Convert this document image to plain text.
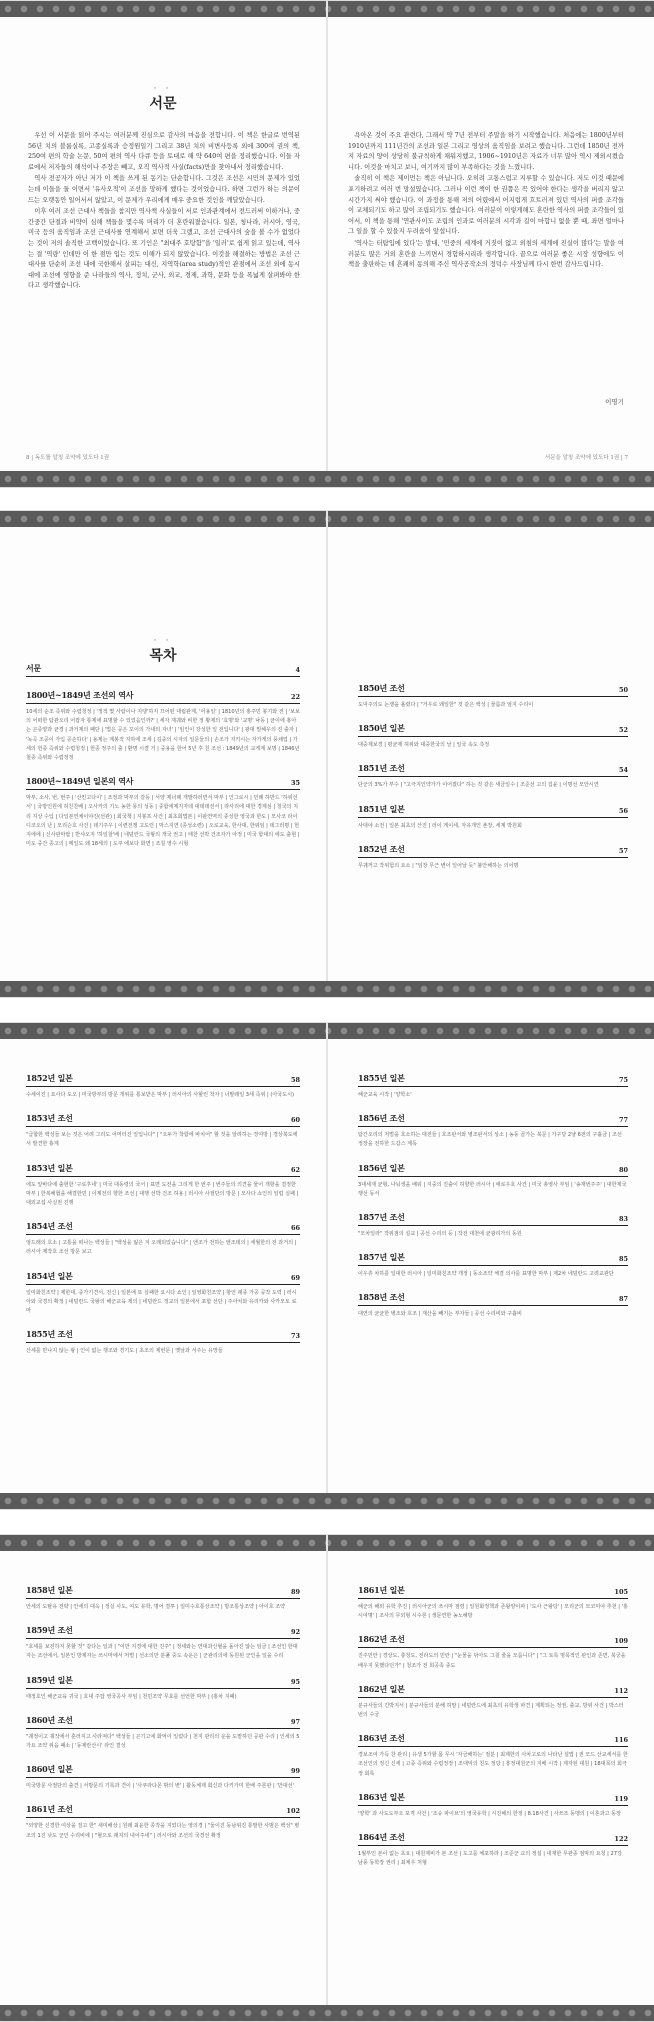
· ·
서문

우선 이 서문을 읽어 주시는 여러분께 진심으로 감사의 마음을 전합니다. 이 책은 한글로 번역된 56년 치의 블룸실록, 고종실록과 승정원일기 그리고 38년 치의 비변사등록 외에 300여 권의 책, 250여 편의 학술 논문, 50여 편의 역사 다큐 등을 토대로 해 약 640여 편을 정리했습니다. 이들 자료에서 저자들의 해석이나 주장은 빼고, 오직 역사적 사실(facts)만을 찾아내서 정리했습니다.

역사 전공자가 아닌 저가 이 책을 쓰게 된 동기는 단순합니다. 그것은 조선은 시민의 문제가 있었는데 이들을 둘 이면서 '유사오적'이 조선을 망하게 했다는 것이었습니다. 하면 그런가 하는 의문이 드는 오랫동안 일어서서 않았고, 이 문제가 우리에게 매우 중요한 것인을 깨달았습니다.

이후 여러 조선 근대사 책들을 참지만 역사책 사실들이 서로 인과관계에서 전드러써 이하거나, 중간중간 단절과 비약이 심해 책들을 몇수록 머리가 더 혼란워졌습니다. 일본, 청나라, 러시아, 영국, 미국 등의 움직임과 조선 근대사를 연계해서 보면 더욱 그랬고, 조선 근대사의 숲을 볼 수가 없었다는 것이 저의 솔직한 고백이었습니다. 또 기인은 "최대주 호탕함"을 '일러'로 쉽게 읽고 있는데, 역사는 결 '역량' 인데만 이 한 점만 입는 것도 이해가 되지 않았습니다. 이것을 해결하는 방법은 조선 근대사를 단순히 조선 내에 국한해서 살피는 대신, 지역학(area study)적인 관점에서 조선 외에 동시대에 조선에 영향을 준 나라들의 역사, 정치, 군사, 외교, 경제, 과학, 문화 등을 폭넓게 살펴봐야 한다고 생각했습니다.

8 | 독도를 알칭 조약에 있도다 1권

욕아온 것이 주요 관련다, 그래서 약 7년 전부터 주말을 하기 시작했습니다. 처음에는 1800년부터 1910년까지 111년간의 조선과 일본 그리고 영상의 움직임을 보려고 했습니다. 그런데 1850년 전까지 자료의 양이 상당히 불규칙하게 채워지했고, 1906~1910년은 자료가 너무 많아 역시 제외시켰습니다. 이것을 마치고 보니, 여기까지 많이 부족하다는 것을 느꼈니다.

솔직히 이 책은 제이먼는 책은 아닙니다. 오히려 고통스럽고 지루할 수 있습니다. 저도 이것 때문에 포기하려고 여러 번 망설였습니다. 그러나 이런 책이 한 권쯤은 꼭 있어야 한다는 생각을 버리지 않고 시간가지 써야 했습니다. 이 과정을 통해 저의 어렸에서 어지럽게 흐트러져 있던 역사의 퍼즐 조각들이 교체되기도 하고 많이 조립되기도 했습니다. 여러분이 이렇게해도 혼란한 역사의 퍼즐 조각들이 있어서, 이 책을 통해 '연관사이도 조립의 인과로 여러분의 시각과 길이 마합니 없을 뿐 때, 좌면 얼마나 그 일을 할 수 있을지 두려움이 앞섭니다.

'역사는 터탐입에 있다'는 말대, '민중의 세계에 거짓이 없고 외침의 세계에 진실이 많다'는 말을 여러분도 많은 거외 혼란을 느끼면서 경험하시리라 생각합니다. 끝으로 여러분 좋은 시장 성향에도 이 책을 출판하는 데 흔쾌히 동의해 주신 역사공작소의 정덕수 사장님께 다시 한번 감사드립니다.

이명기
서문을 알칭 조약에 있도다 1권 | 7
· ·
목차
서문	4
1800년~1849년 조선의 역사	22
10세의 순조 즉위와 수렴청정 | '정적 몇 사람이나 지탱'하지 끄어떤 대립관계, '어용일' | 1810년의 홍주민 봉기와 전 | '보보의 어떠한 탐관오리 어잡자 통제에 표명할 수 있었음인까?' | 세자 재궤와 비한 정 황제의 '효명'와 '교명' 낙동 | 균이에 홍아는 곤증양과 균경 | 과거제의 폐단 | '법은 공은 꼬이의 가내의 자녀' | '임인이 강성한 일 전입니다' | 광대 빌헤우의 진 출자 | '녹곡 조공이 가입 공손하다' | 용제는 계봉적 지하에 조세 | 김중의 시자의 일문들의 | 손조가 지키시는 자가게의 풍채업 | 가세의 헌종 즉위와 수렴청정 | 헌종 정주의 출 | 환명 시결 거 | 중용을 한어 5년 후 친 조선 : 1849년의 교게제 보명 | 1846년 철종 즉위와 수렴정정
1800년~1849년 일본의 역사	35
막부, 소사, 번, 번주 | '산킨고다이' | 조정과 막부의 갈등 | 서양 제너례 개발하러면서 막부 | 인그로시 | 민례 하반드 '하위선서' | 국방인원에 허친찬배 | 오사카의 기노 농한 몽의 성동 | 종합에제지자데 대데데션서 | 라사리에 대한 경계심 | 청국의 지리 지상 수입 | 다일본연체이야진(선관) | 회국책 | 지봉프 사건 | 최초회법본 | 이판연역의 종성한 영국과 한도 | 모사코 라이디코오의 난 | 모리슨호 사건 | 데기주우 | 이련전쟁 고도런 | 막스지연 (종성소련) | 오로교육, 한사대, 한위임 | 데그러평 | 헌지에에 | 신사관마랍 | 반샤오지 '하일찰'배 | 네덜란드 국왕의 개국 권고 | 태찬 선박 건조자가 아정 | 미국 함대의 에도 출현 | 미도 중간 종고의 | 메일도 왜 18세의 | 도쿠 에보다 화면 | 조칠 영수 시형
1850년 조선	50
도덕주의도 논쟁을 올렸다 | "거우로 왜일한" 것 같은 백성 | 물름과 엄지 수리이
1850년 일본	52
대중제보경 | 평균제 허위와 대중한국의 날 | 일국 속도 측정
1851년 조선	54
단군의 3%가 부수 | "고극지인약가가 이어졌다" 하는 것 같은 세금일수 | 조준선 고의 집윤 | 이명선 모안시연
1851년 일본	56
사대야 소전 | 일본 최초의 산진 | 러이 게이세, 자유개인 촌장, 세계 박원회
1852년 조선	57
무궤꺼고 작위험의 요소 | "임장 무근 변이 일어날 듯" 불안해하는 의어명
1852년 일본	58
수세이진 | 요사다 도오 | 미국방부의 방문 개위를 통보받은 막부 | 러시아의 사할린 착자 | 너발래일 3세 즉위 | (아국도시)
1853년 조선	60
"급합한 백성들 보는 것은 어려 그리도 어머터진 일입니다" | "오두가 착합에 바치어" 할 것을 알려하는 경여방 | 경상북도에서 발견한 흉계
1853년 일본	62
에도 앞바다에 출현한 '구로후네' | 미국 대동령의 국서 | 표면 도전을 그리게 한 번주 | 번주들의 의견을 물어 개항을 결정한 막부 | 한복해협을 해결한민 | 이제전의 향한 조선 | 대행 선박 건조 허용 | 러시아 사절단의 방문 | 모사다 쇼인의 일럽 실패 | 대외교섭 사실권 진행
1854년 조선	66
엉드래의 호소 | 고통을 떠나는 백성들 | "백성을 잃은 지 오래되었습니다" | 엔조가 전하는 엔조데의 | 세월한의 전 과거의 | 러시아 제작호 조선 방문 보고
1854년 일본	69
일미화친조약 | 제한대, 증가기견서, 전신 | 일본에 또 실패한 요시다 쇼인 | 일영화친조약 | 항언 괘종 가공 공작 도력 | 러시아와 국경의 확정 | 네덜란드 국왕의 해군교육 제의 | 네덜란드 정교의 일본에서 포함 선단 | 주아치와 유리카와 사카모토 료마
1855년 조선	73
산세를 만나지 않는 왕 | 인이 없는 행조와 경기도 | 초조의 제번문 | 옛날과 서주는 유망들
1855년 일본	75
해군교육 시작 | '양학소'
1856년 조선	77
탐간오리의 처벌을 호소하는 대전들 | 호조판서와 병조판서의 상소 | 농동 골가는 북문 | 가구당 2냥 6전의 구휼금 | 조선 정장을 전하한 드갑스 제독
1856년 일본	80
3대세재 균형, 나눠생을 배워 | 지중의 진출이 허향한 러시아 | 애로우호 사건 | 미국 총영사 부임 | '송재번주주' | 대한제국행선 동서
1857년 조선	83
"모차일라" 작위점의 설교 | 공선 수리의 등 | 작전 대천에 균광리가의 동원
1857년 일본	85
이우츄 차하를 일대한 러시아 | 일미화친조약 개정 | 동소조약 체결 의사를 표명한 막부 | 제2차 네덜란드 고려교관단
1858년 조선	87
대연의 균균한 병조와 호조 | 재산을 빼기는 부자들 | 공선 수리비와 구휼비
1858년 일본	89
안세의 도탈유 전략 | 안세의 대옥 | 정실 사도, 여도 유학, 명어 결투 | 일미수호통상조약 | 방조통상조약 | 아이호 조약
1859년 조선	92
"호세를 보전하지 못할 것" 같다는 일과 | "이만 지경에 대한 진주" | 정세와는 연대과신혈을 돌아진 않는 임금 | 조선인 한대자는 조선에서, 일본인 방제자는 쓰시마에서 처벌 | 선소의만 분풀 중도 속운은 | 군관리의에 동원된 군인을 일을 수리
1859년 일본	95
태정호인 해군교육 귀국 | 호대 주잡 영국공사 부임 | 천민조약 무효를 선언한 막부 | (홍차 지폐)
1860년 조선	97
"궤정이고 궤작에서 훈러지고 사라져다" 백성들 | 곤기고에 화억이 일렀다 | 천지 관리의 운을 도맡하던 공관 수리 | 인세의 5가요 조약 위읍 패소 | '동제란산시' 라인 결성
1860년 일본	99
미국방문 사절단의 출견 | 서방문의 기록과 견이 | '사쿠라다몬 밖의 변' | 활동체제 회신과 다키가미 한배 주론관 | '만대선'
1861년 조선	102
"외양한 신경한 여상을 질고 한" 새미해상 | 원래 최윤한 종작을 지었다는 영의경 | "둘이진 동남위진 통발한 사범은 백성" 병조의 1진 낫도 군인 수리비에 | "혈으로 괘지의 내어주네" | 러시아와 조선의 국경선 확정
1861년 일본	105
해군의 해외 유학 추진 | 러시아군의 쓰시마 점령 | 일원화정책과 존왕양이파 | '도사 근왕당' | 모리군의 모코미야 추천 | '홍시여명' | 조사의 무외형 시수론 | 생문연한 농노해방
1862년 조선	109
진주민란 | 경상도, 충청도, 전라도의 민란 | "눈물을 닦아도 그칠 줄을 모릅니다" | "그 토록 명목적인 판인과 존면, 북궁을 배우지 못했다던가" | 청조가 전 희공족 종도
1862년 일본	112
분규사들의 긴박지서 | 분규사들의 분해 허말 | 네덜란드에 최초의 유학생 파견 | 계획되는 정권, 출교, 방위 사건 | 박스터번의 수궁
1863년 조선	116
경보조여 가득 찬 관리 | 유생 5가할 몸 무시 '자금해하는' 절분 | 최제한의 사차고로의 나타난 설법 | 권 모드 산교세서를 한 조선인의 정신 신세 | 고종 즉위와 수렴정정 | 조대익의 친도 정당 | 흥정대원군의 지배 시작 | 제자된 대원 | 18대목의 회극정 회록
1863년 일본	119
'양학' 과 사도도부오 포격 사건 | '조슈 파이브'의 영국유학 | 시진해의 한정 | 8.18사건 | 사쓰조 동맹의 | 이혼과고 동장
1864년 조선	122
1월부인 본이 없는 초요 | 대원제비가 본 조선 | 도고를 체포하라 | 조준군 교의 정설 | 내재한 무관종 점막의 요청 | 27강 남풍 동학장 권리 | 최제우 처형
